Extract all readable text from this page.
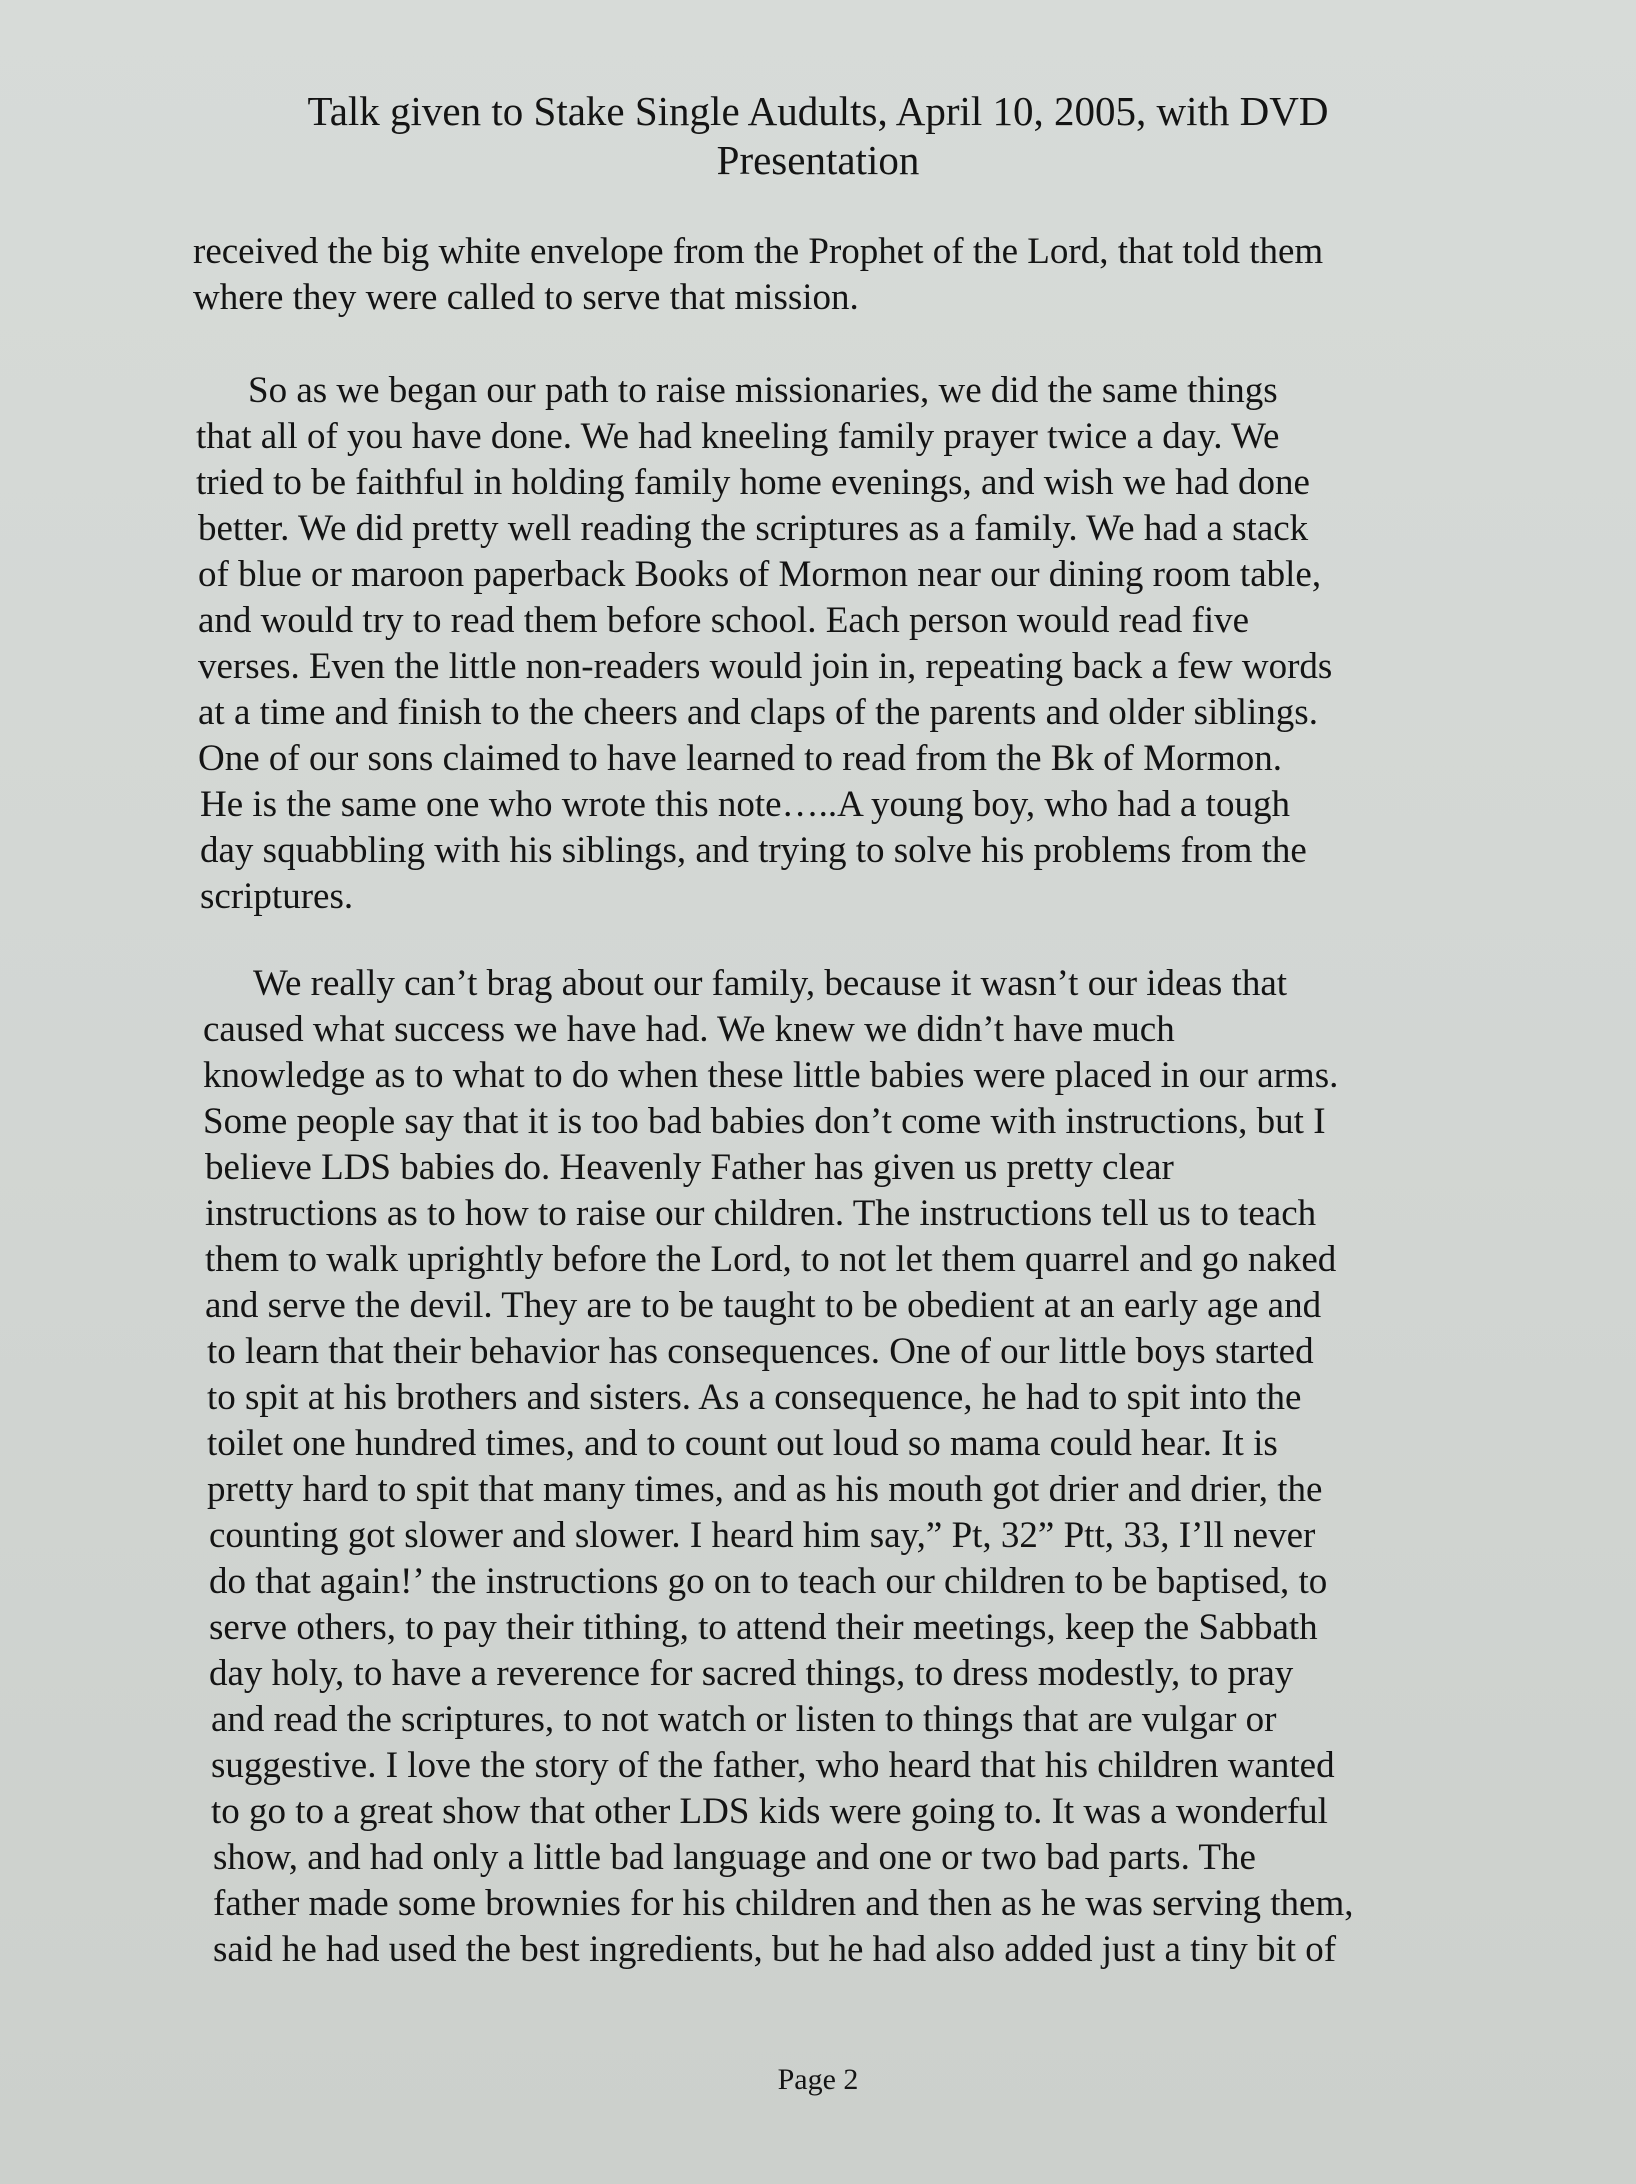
Talk given to Stake Single Audults, April 10, 2005, with DVD
Presentation
received the big white envelope from the Prophet of the Lord, that told them
where they were called to serve that mission.
So as we began our path to raise missionaries, we did the same things
that all of you have done. We had kneeling family prayer twice a day. We
tried to be faithful in holding family home evenings, and wish we had done
better. We did pretty well reading the scriptures as a family. We had a stack
of blue or maroon paperback Books of Mormon near our dining room table,
and would try to read them before school. Each person would read five
verses. Even the little non-readers would join in, repeating back a few words
at a time and finish to the cheers and claps of the parents and older siblings.
One of our sons claimed to have learned to read from the Bk of Mormon.
He is the same one who wrote this note…..A young boy, who had a tough
day squabbling with his siblings, and trying to solve his problems from the
scriptures.
We really can’t brag about our family, because it wasn’t our ideas that
caused what success we have had. We knew we didn’t have much
knowledge as to what to do when these little babies were placed in our arms.
Some people say that it is too bad babies don’t come with instructions, but I
believe LDS babies do. Heavenly Father has given us pretty clear
instructions as to how to raise our children. The instructions tell us to teach
them to walk uprightly before the Lord, to not let them quarrel and go naked
and serve the devil. They are to be taught to be obedient at an early age and
to learn that their behavior has consequences. One of our little boys started
to spit at his brothers and sisters. As a consequence, he had to spit into the
toilet one hundred times, and to count out loud so mama could hear. It is
pretty hard to spit that many times, and as his mouth got drier and drier, the
counting got slower and slower. I heard him say,” Pt, 32” Ptt, 33, I’ll never
do that again!’ the instructions go on to teach our children to be baptised, to
serve others, to pay their tithing, to attend their meetings, keep the Sabbath
day holy, to have a reverence for sacred things, to dress modestly, to pray
and read the scriptures, to not watch or listen to things that are vulgar or
suggestive. I love the story of the father, who heard that his children wanted
to go to a great show that other LDS kids were going to. It was a wonderful
show, and had only a little bad language and one or two bad parts. The
father made some brownies for his children and then as he was serving them,
said he had used the best ingredients, but he had also added just a tiny bit of
Page 2
